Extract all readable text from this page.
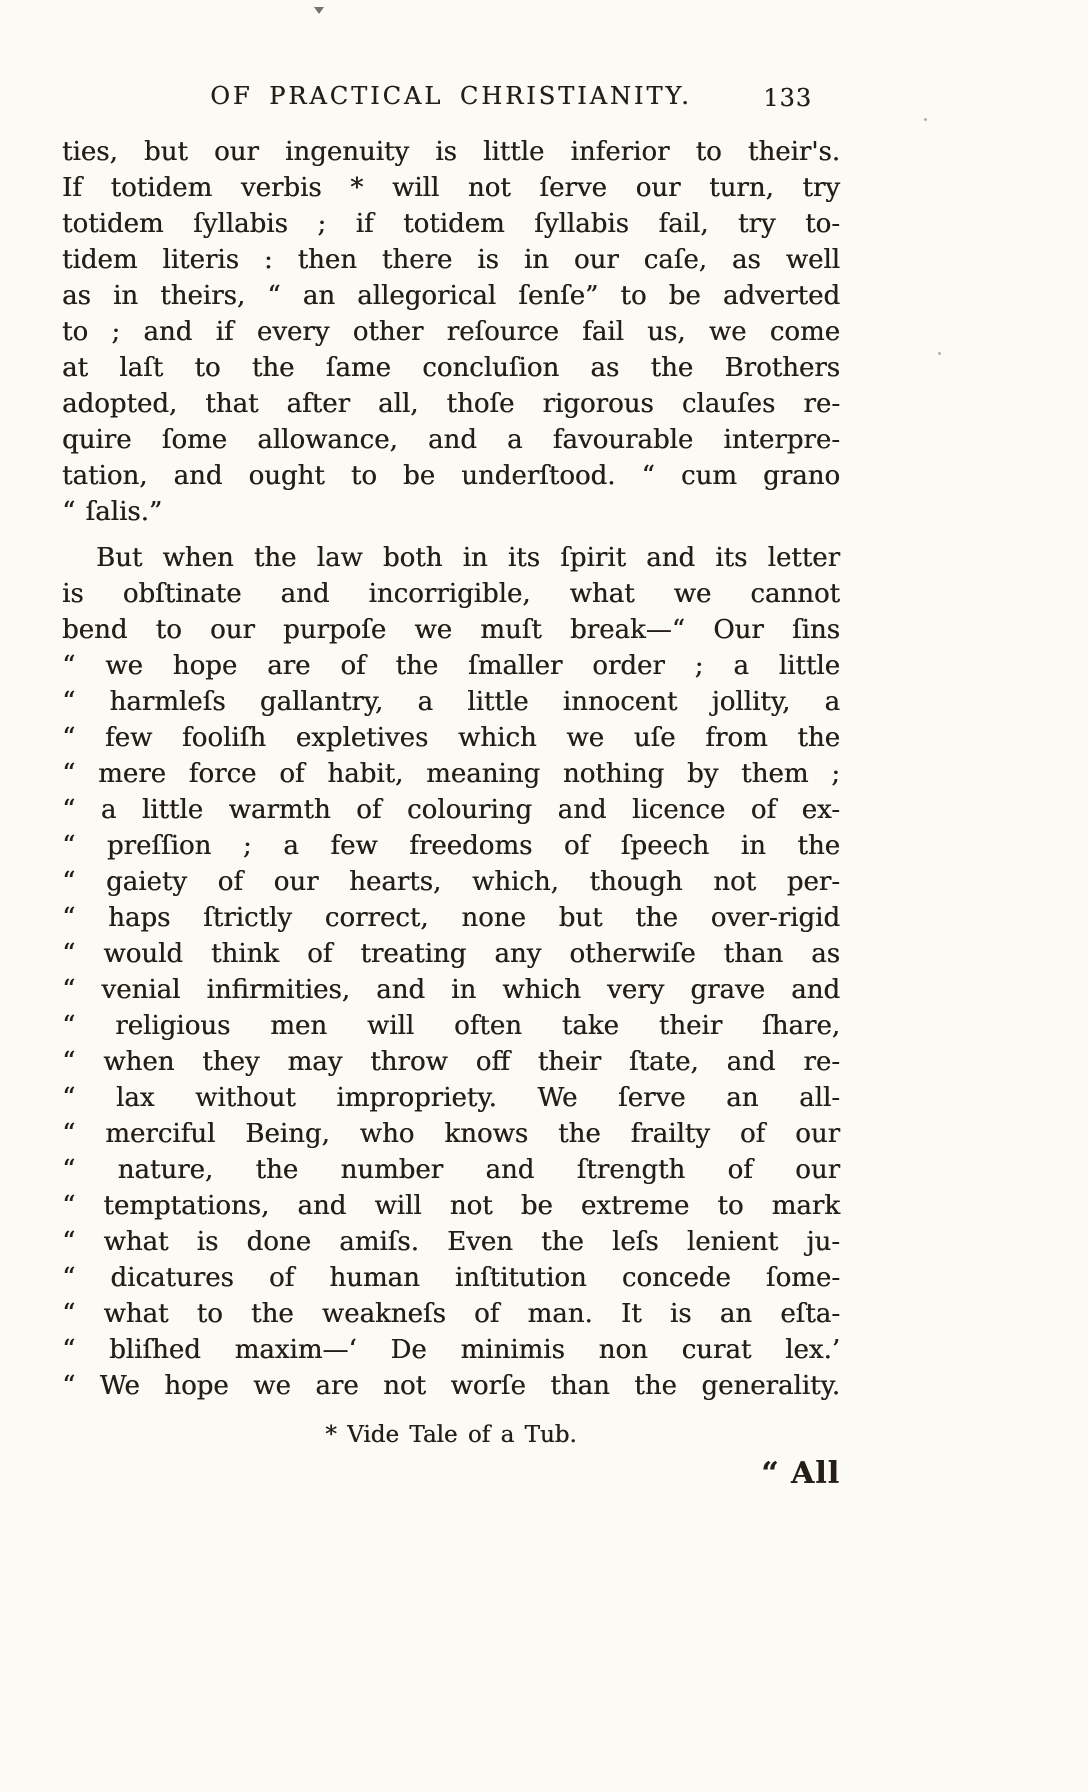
OF PRACTICAL CHRISTIANITY.	133
ties, but our ingenuity is little inferior to their's.
If totidem verbis * will not ſerve our turn, try
totidem ſyllabis ; if totidem ſyllabis fail, try to-
tidem literis : then there is in our caſe, as well
as in theirs, “ an allegorical ſenſe” to be adverted
to ; and if every other reſource fail us, we come
at laſt to the ſame concluſion as the Brothers
adopted, that after all, thoſe rigorous clauſes re-
quire ſome allowance, and a favourable interpre-
tation, and ought to be underſtood. “ cum grano
“ ſalis.”
But when the law both in its ſpirit and its letter
is obſtinate and incorrigible, what we cannot
bend to our purpoſe we muſt break—“ Our ſins
“ we hope are of the ſmaller order ; a little
“ harmleſs gallantry, a little innocent jollity, a
“ few fooliſh expletives which we uſe from the
“ mere force of habit, meaning nothing by them ;
“ a little warmth of colouring and licence of ex-
“ preſſion ; a few freedoms of ſpeech in the
“ gaiety of our hearts, which, though not per-
“ haps ſtrictly correct, none but the over-rigid
“ would think of treating any otherwiſe than as
“ venial infirmities, and in which very grave and
“ religious men will often take their ſhare,
“ when they may throw off their ſtate, and re-
“ lax without impropriety. We ſerve an all-
“ merciful Being, who knows the frailty of our
“ nature, the number and ſtrength of our
“ temptations, and will not be extreme to mark
“ what is done amiſs. Even the leſs lenient ju-
“ dicatures of human inſtitution concede ſome-
“ what to the weakneſs of man. It is an eſta-
“ bliſhed maxim—‘ De minimis non curat lex.’
“ We hope we are not worſe than the generality.
* Vide Tale of a Tub.
“ All
